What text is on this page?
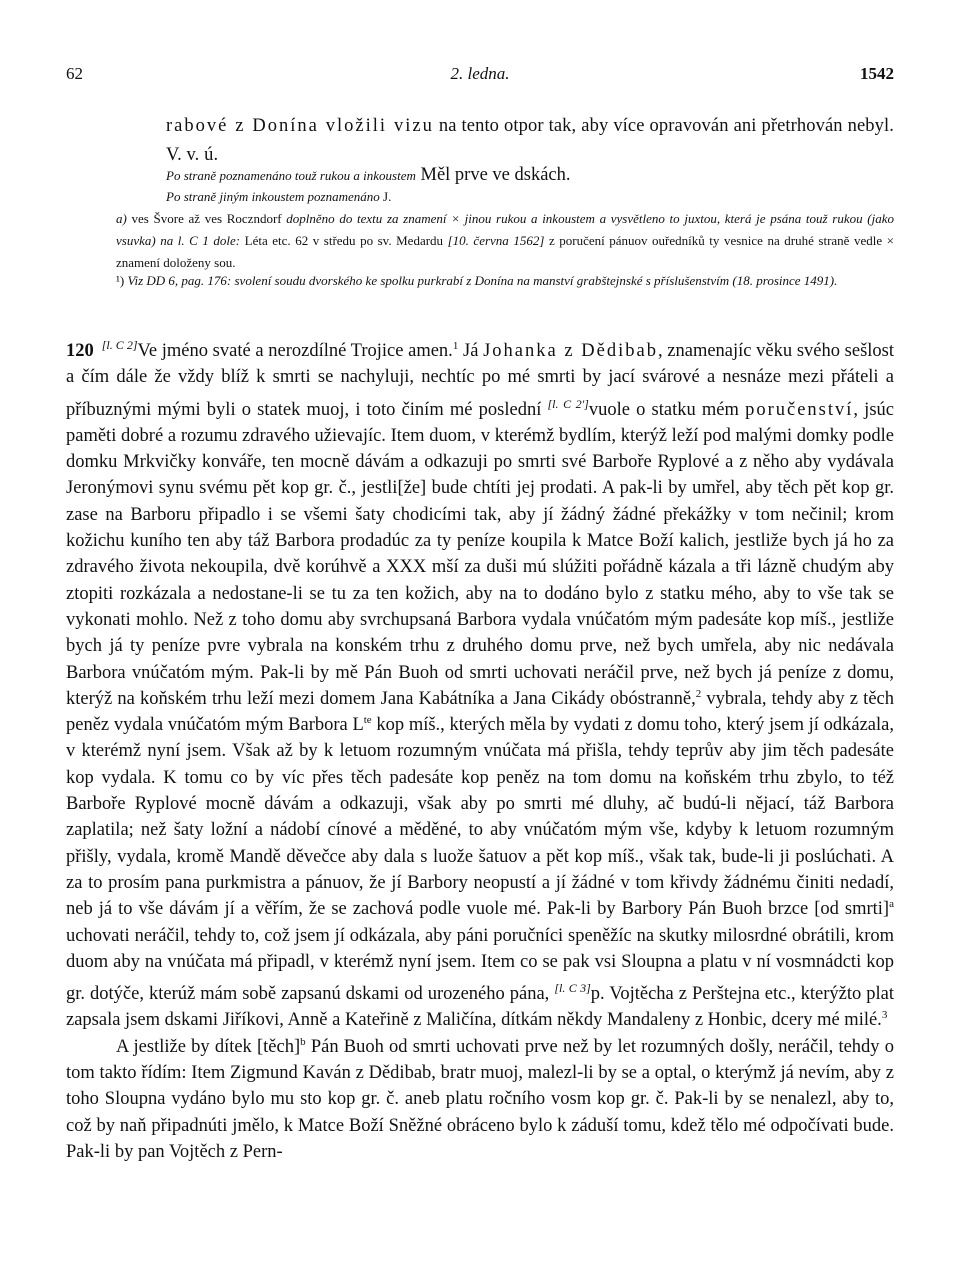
62	2. ledna.	1542
rabové z Donína vložili vizu na tento otpor tak, aby více opravován ani přetrhován nebyl. V. v. ú.
Po straně poznamenáno touž rukou a inkoustem Měl prve ve dskách.
Po straně jiným inkoustem poznamenáno J.
a) ves Švore až ves Roczndorf doplněno do textu za znamení × jinou rukou a inkoustem a vysvětleno to juxtou, která je psána touž rukou (jako vsuvka) na l. C 1 dole: Léta etc. 62 v středu po sv. Medardu [10. června 1562] z poručení pánuov ouředníků ty vesnice na druhé straně vedle × znamení doloženy sou.
¹) Viz DD 6, pag. 176: svolení soudu dvorského ke spolku purkrabí z Donína na manství grabštejnské s příslušenstvím (18. prosince 1491).
120 [l. C 2]Ve jméno svaté a nerozdílné Trojice amen.$^1$ Já Johanka z Dědibab, znamenajíc věku svého sešlost a čím dále že vždy blíž k smrti se nachyluji, nechtíc po mé smrti by jací svárové a nesnáze mezi přáteli a příbuznými mými byli o statek muoj, i toto činím mé poslední [l. C 2']vuole o statku mém poručenství, jsúc paměti dobré a rozumu zdravého užievajíc. Item duom, v kterémž bydlím, kterýž leží pod malými domky podle domku Mrkvičky konváře, ten mocně dávám a odkazuji po smrti své Barbоře Ryplové a z něho aby vydávala Jeronýmovi synu svému pět kop gr. č., jestli[že] bude chtíti jej prodati. A pak-li by umřel, aby těch pět kop gr. zase na Barboru připadlo i se všemi šaty chodicími tak, aby jí žádný žádné překážky v tom nečinil; krom kožichu kuního ten aby táž Barbora prodadúc za ty peníze koupila k Matce Boží kalich, jestliže bych já ho za zdravého života nekoupila, dvě korúhvě a XXX mší za duši mú slúžiti pořádně kázala a tři lázně chudým aby ztopiti rozkázala a nedostane-li se tu za ten kožich, aby na to dodáno bylo z statku mého, aby to vše tak se vykonati mohlo. Než z toho domu aby svrchupsaná Barbora vydala vnúčatóm mým padesáte kop míš., jestliže bych já ty peníze pvre vybrala na konském trhu z druhého domu prve, než bych umřela, aby nic nedávala Barbora vnúčatóm mým. Pak-li by mě Pán Buoh od smrti uchovati neráčil prve, než bych já peníze z domu, kterýž na koňském trhu leží mezi domem Jana Kabátníka a Jana Cikády obóstranně,$^2$ vybrala, tehdy aby z těch peněz vydala vnúčatóm mým Barbora $L^{te}$ kop míš., kterých měla by vydati z domu toho, který jsem jí odkázala, v kterémž nyní jsem. Však až by k letuom rozumným vnúčata má přišla, tehdy teprův aby jim těch padesáte kop vydala. K tomu co by víc přes těch padesáte kop peněz na tom domu na koňském trhu zbylo, to též Barbоře Ryplové mocně dávám a odkazuji, však aby po smrti mé dluhy, ač budú-li nějací, táž Barbora zaplatila; než šaty ložní a nádobí cínové a měděné, to aby vnúčatóm mým vše, kdyby k letuom rozumným přišly, vydala, kromě Mandě děvečce aby dala s luože šatuov a pět kop míš., však tak, bude-li ji poslúchati. A za to prosím pana purkmistra a pánuov, že jí Barbory neopustí a jí žádné v tom křivdy žádnému činiti nedadí, neb já to vše dávám jí a věřím, že se zachová podle vuole mé. Pak-li by Barbory Pán Buoh brzce [od smrti]$^a$ uchovati neráčil, tehdy to, což jsem jí odkázala, aby páni poručníci speněžíc na skutky milosrdné obrátili, krom duom aby na vnúčata má připadl, v kterémž nyní jsem. Item co se pak vsi Sloupna a platu v ní vosmnádcti kop gr. dotýče, kterúž mám sobě zapsanú dskami od urozeného pána, [l. C 3]p. Vojtěcha z Perštejna etc., kterýžto plat zapsala jsem dskami Jiříkovi, Anně a Kateřině z Maličína, dítkám někdy Mandaleny z Honbic, dcery mé milé.$^3$
A jestliže by dítek [těch]$^b$ Pán Buoh od smrti uchovati prve než by let rozumných došly, neráčil, tehdy o tom takto řídím: Item Zigmund Kaván z Dědibab, bratr muoj, malezl-li by se a optal, o kterýmž já nevím, aby z toho Sloupna vydáno bylo mu sto kop gr. č. aneb platu ročního vosm kop gr. č. Pak-li by se nenalezl, aby to, což by naň připadnúti jmělo, k Matce Boží Sněžné obráceno bylo k záduší tomu, kdež tělo mé odpočívati bude. Pak-li by pan Vojtěch z Pern-
